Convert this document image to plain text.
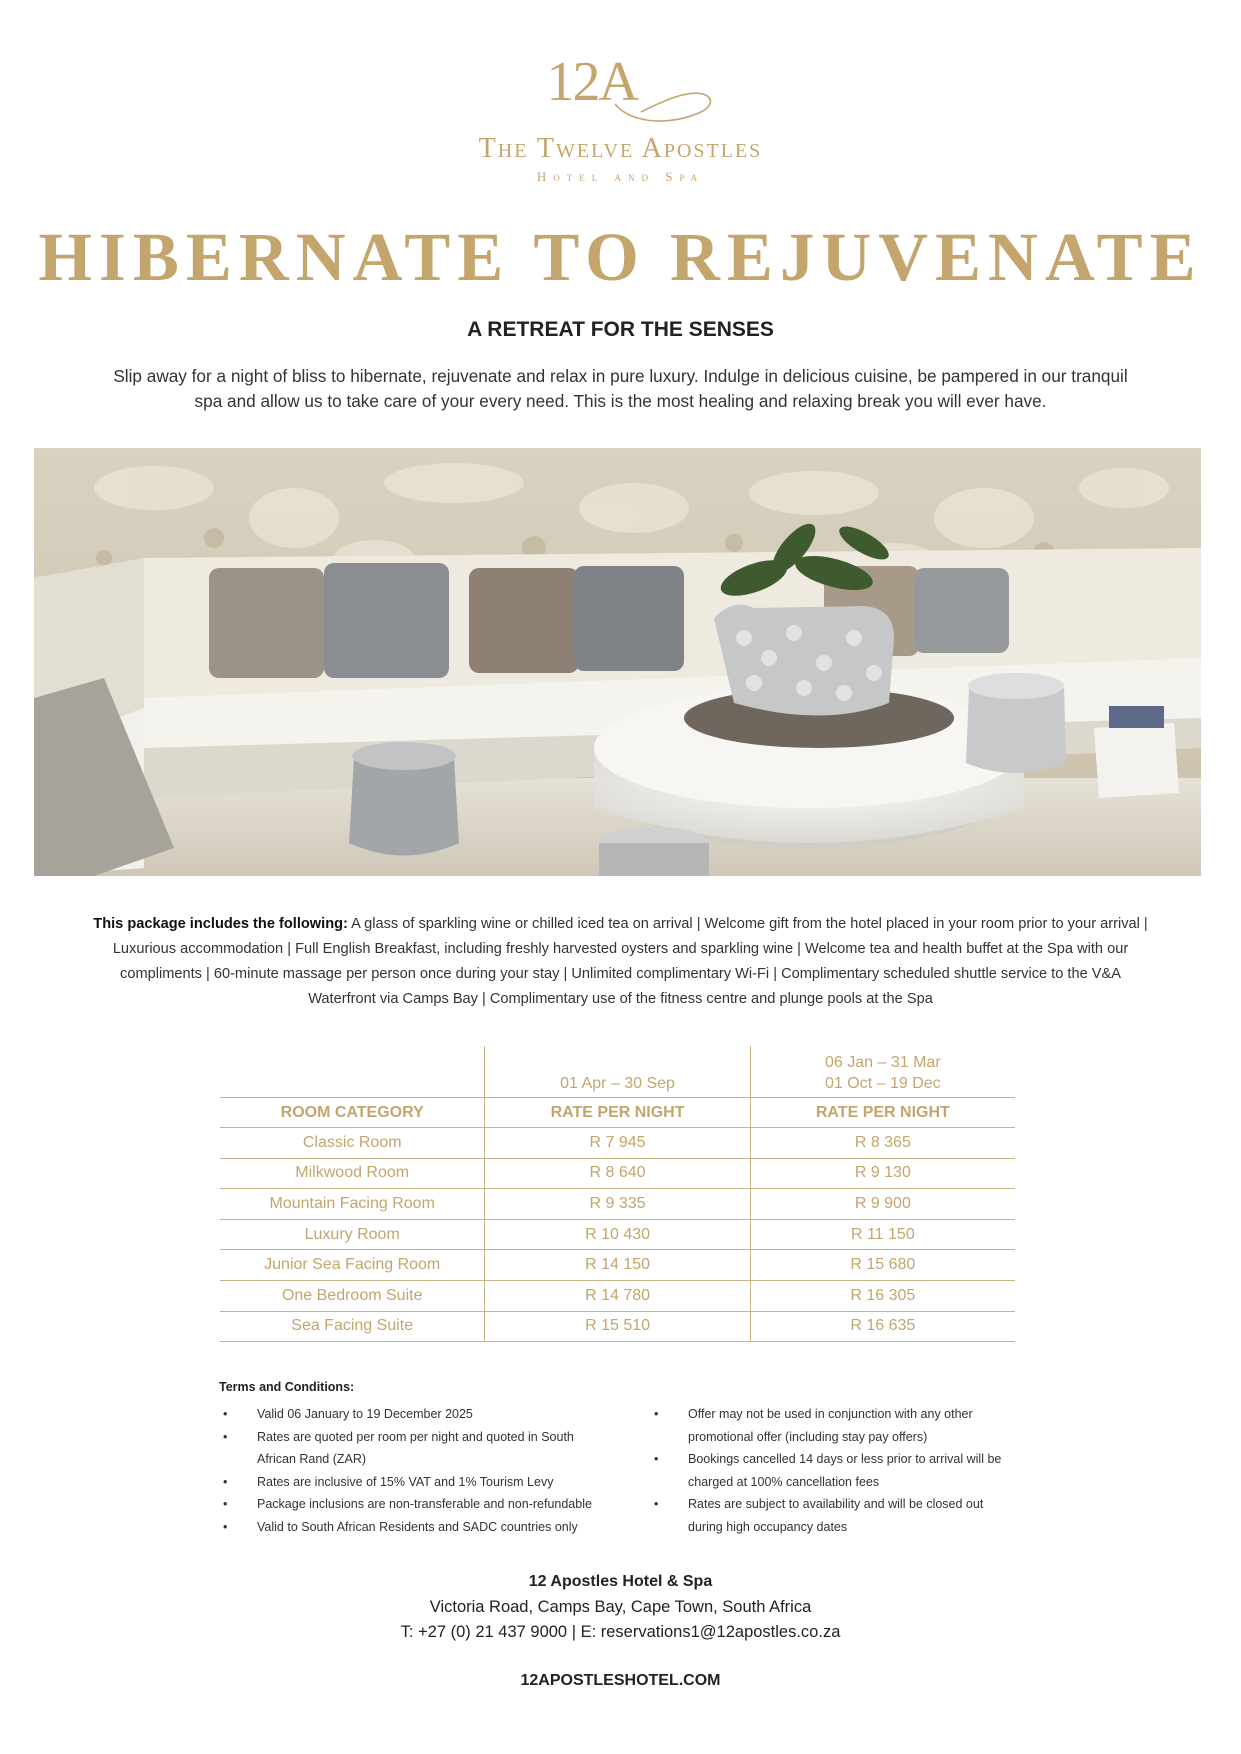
12A
The Twelve Apostles
Hotel and Spa
HIBERNATE TO REJUVENATE
A RETREAT FOR THE SENSES
Slip away for a night of bliss to hibernate, rejuvenate and relax in pure luxury. Indulge in delicious cuisine, be pampered in our tranquil spa and allow us to take care of your every need. This is the most healing and relaxing break you will ever have.
This package includes the following: A glass of sparkling wine or chilled iced tea on arrival | Welcome gift from the hotel placed in your room prior to your arrival | Luxurious accommodation | Full English Breakfast, including freshly harvested oysters and sparkling wine | Welcome tea and health buffet at the Spa with our compliments | 60-minute massage per person once during your stay | Unlimited complimentary Wi-Fi | Complimentary scheduled shuttle service to the V&A Waterfront via Camps Bay | Complimentary use of the fitness centre and plunge pools at the Spa
	01 Apr – 30 Sep	06 Jan – 31 Mar
01 Oct – 19 Dec
ROOM CATEGORY	RATE PER NIGHT	RATE PER NIGHT
Classic Room	R 7 945	R 8 365
Milkwood Room	R 8 640	R 9 130
Mountain Facing Room	R 9 335	R 9 900
Luxury Room	R 10 430	R 11 150
Junior Sea Facing Room	R 14 150	R 15 680
One Bedroom Suite	R 14 780	R 16 305
Sea Facing Suite	R 15 510	R 16 635
Terms and Conditions:
• Valid 06 January to 19 December 2025
• Rates are quoted per room per night and quoted in South African Rand (ZAR)
• Rates are inclusive of 15% VAT and 1% Tourism Levy
• Package inclusions are non-transferable and non-refundable
• Valid to South African Residents and SADC countries only
• Offer may not be used in conjunction with any other promotional offer (including stay pay offers)
• Bookings cancelled 14 days or less prior to arrival will be charged at 100% cancellation fees
• Rates are subject to availability and will be closed out during high occupancy dates
12 Apostles Hotel & Spa
Victoria Road, Camps Bay, Cape Town, South Africa
T: +27 (0) 21 437 9000 | E: reservations1@12apostles.co.za
12APOSTLESHOTEL.COM
